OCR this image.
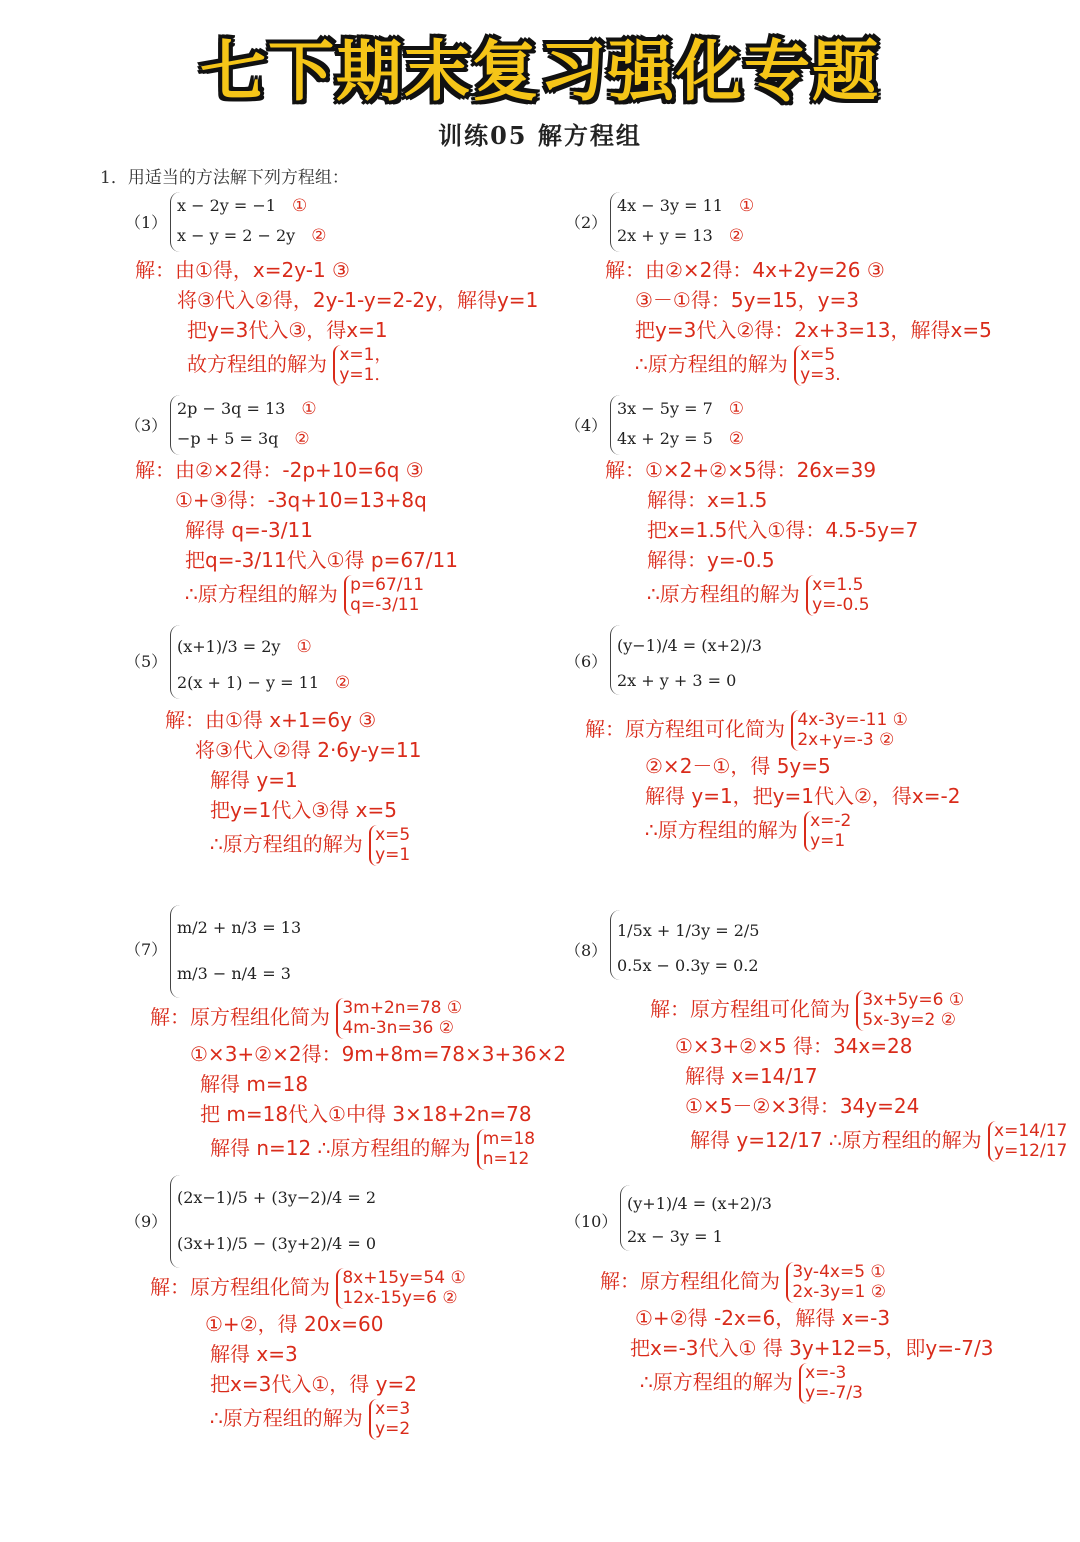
七下期末复习强化专题
训练05 解方程组
1．用适当的方法解下列方程组：
（1）
x − 2y = −1 ①
x − y = 2 − 2y ②
解：由①得，x=2y-1 ③
将③代入②得，2y-1-y=2-2y，解得y=1
把y=3代入③，得x=1
故方程组的解为 x=1，
y=1．
（2）
4x − 3y = 11 ①
2x + y = 13 ②
解：由②×2得：4x+2y=26 ③
③－①得：5y=15，y=3
把y=3代入②得：2x+3=13，解得x=5
∴原方程组的解为 x=5
y=3.
（3）
2p − 3q = 13 ①
−p + 5 = 3q ②
解：由②×2得：-2p+10=6q ③
①+③得：-3q+10=13+8q
解得 q=-3/11
把q=-3/11代入①得 p=67/11
∴原方程组的解为 p=67/11
q=-3/11
（4）
3x − 5y = 7 ①
4x + 2y = 5 ②
解：①×2+②×5得：26x=39
解得：x=1.5
把x=1.5代入①得：4.5-5y=7
解得：y=-0.5
∴原方程组的解为 x=1.5
y=-0.5
（5）
(x+1)/3 = 2y ①
2(x + 1) − y = 11 ②
解：由①得 x+1=6y ③
将③代入②得 2·6y-y=11
解得 y=1
把y=1代入③得 x=5
∴原方程组的解为 x=5
y=1
（6）
(y−1)/4 = (x+2)/3
2x + y + 3 = 0
解：原方程组可化简为 4x-3y=-11 ①
2x+y=-3 ②
②×2－①，得 5y=5
解得 y=1，把y=1代入②，得x=-2
∴原方程组的解为 x=-2
y=1
（7）
m/2 + n/3 = 13
m/3 − n/4 = 3
解：原方程组化简为 3m+2n=78 ①
4m-3n=36 ②
①×3+②×2得：9m+8m=78×3+36×2
解得 m=18
把 m=18代入①中得 3×18+2n=78
解得 n=12 ∴原方程组的解为 m=18
n=12
（8）
1/5x + 1/3y = 2/5
0.5x − 0.3y = 0.2
解：原方程组可化简为 3x+5y=6 ①
5x-3y=2 ②
①×3+②×5 得：34x=28
解得 x=14/17
①×5－②×3得：34y=24
解得 y=12/17 ∴原方程组的解为 x=14/17
y=12/17
（9）
(2x−1)/5 + (3y−2)/4 = 2
(3x+1)/5 − (3y+2)/4 = 0
解：原方程组化简为 8x+15y=54 ①
12x-15y=6 ②
①+②，得 20x=60
解得 x=3
把x=3代入①，得 y=2
∴原方程组的解为 x=3
y=2
（10）
(y+1)/4 = (x+2)/3
2x − 3y = 1
解：原方程组化简为 3y-4x=5 ①
2x-3y=1 ②
①+②得 -2x=6，解得 x=-3
把x=-3代入① 得 3y+12=5，即y=-7/3
∴原方程组的解为 x=-3
y=-7/3
